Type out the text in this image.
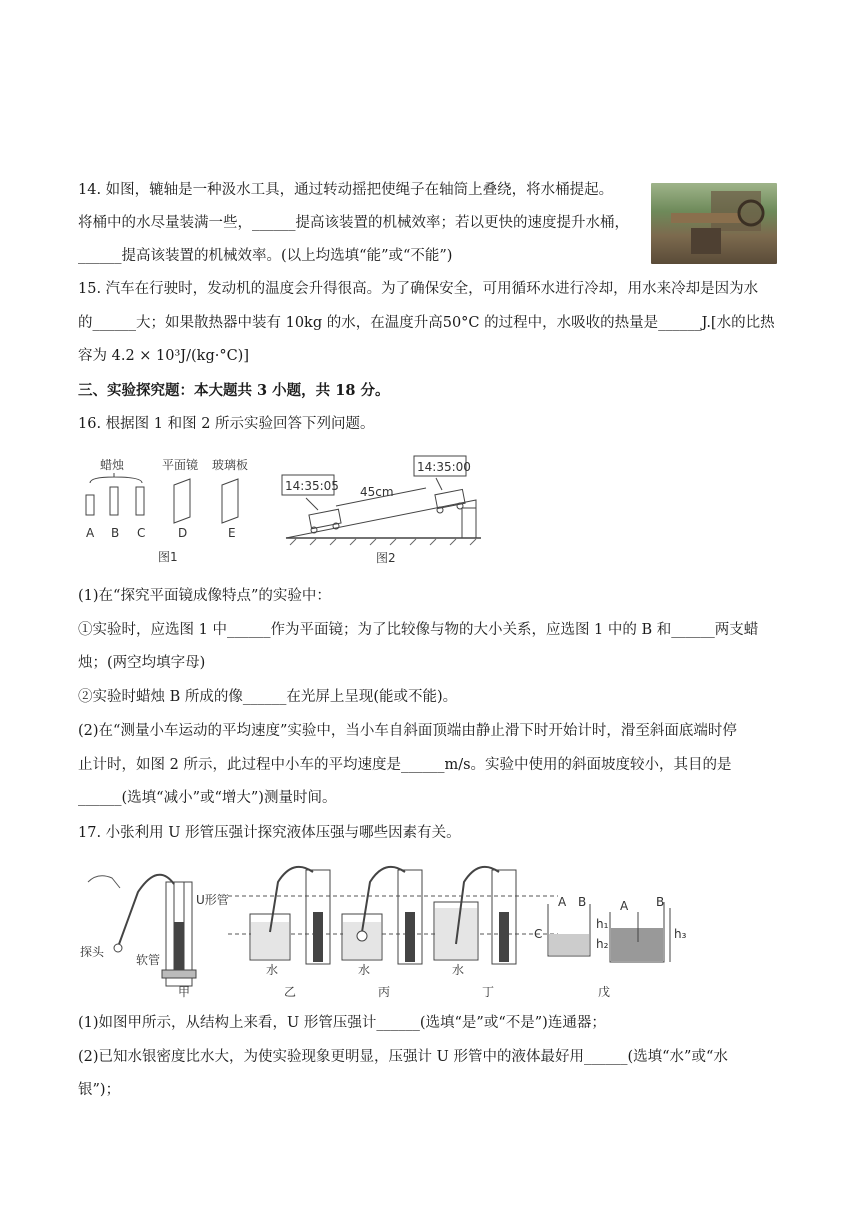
14. 如图，辘轴是一种汲水工具，通过转动摇把使绳子在轴筒上叠绕，将水桶提起。
将桶中的水尽量装满一些，______提高该装置的机械效率；若以更快的速度提升水桶，
______提高该装置的机械效率。(以上均选填“能”或“不能”)
15. 汽车在行驶时，发动机的温度会升得很高。为了确保安全，可用循环水进行冷却，用水来冷却是因为水
的______大；如果散热器中装有 10kg 的水，在温度升高50°C 的过程中，水吸收的热量是______J.[水的比热
容为 4.2 × 10³J/(kg·°C)]
三、实验探究题：本大题共 3 小题，共 18 分。
16. 根据图 1 和图 2 所示实验回答下列问题。
蜡烛	平面镜 玻璃板
A B C	D	E
图1
14:35:00
14:35:05 45cm
图2
(1)在“探究平面镜成像特点”的实验中：
①实验时，应选图 1 中______作为平面镜；为了比较像与物的大小关系，应选图 1 中的 B 和______两支蜡
烛；(两空均填字母)
②实验时蜡烛 B 所成的像______在光屏上呈现(能或不能)。
(2)在“测量小车运动的平均速度”实验中，当小车自斜面顶端由静止滑下时开始计时，滑至斜面底端时停
止计时，如图 2 所示，此过程中小车的平均速度是______m/s。实验中使用的斜面坡度较小，其目的是
______(选填“减小”或“增大”)测量时间。
17. 小张利用 U 形管压强计探究液体压强与哪些因素有关。
U形管
探头
软管
甲
水
乙
水
丙
水
丁
A B
C
A B
h₁
h₂
h₃
戊
(1)如图甲所示，从结构上来看，U 形管压强计______(选填“是”或“不是”)连通器；
(2)已知水银密度比水大，为使实验现象更明显，压强计 U 形管中的液体最好用______(选填“水”或“水
银”)；
